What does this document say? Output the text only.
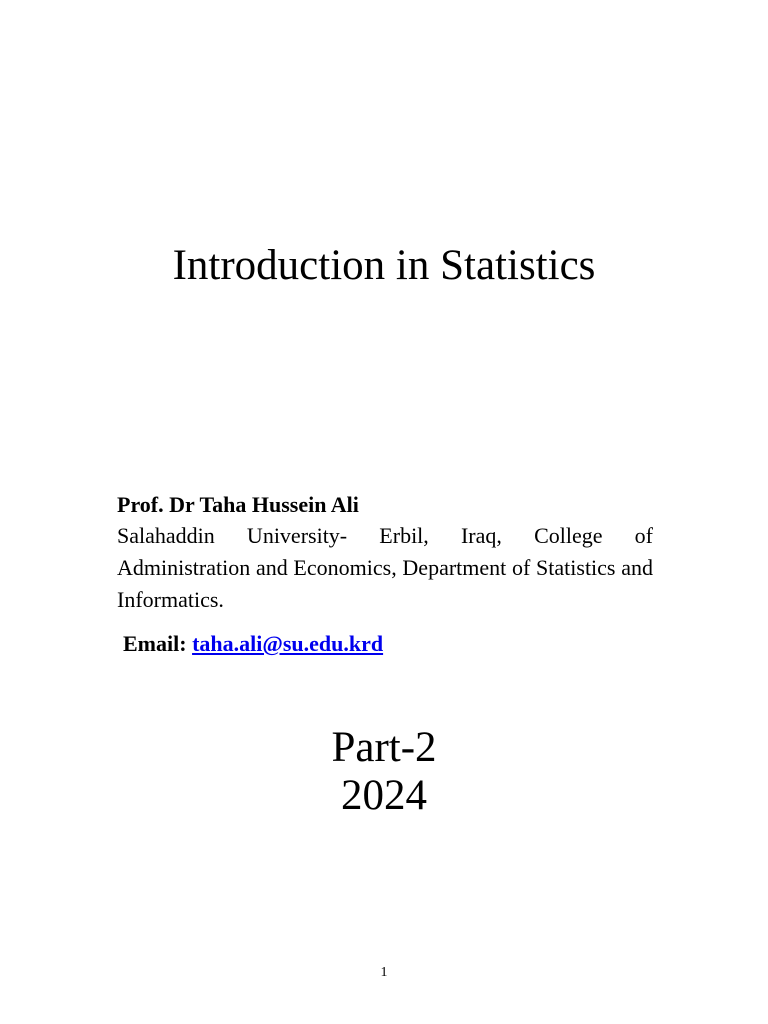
Introduction in Statistics

Prof. Dr Taha Hussein Ali

Salahaddin University- Erbil, Iraq, College of Administration and Economics, Department of Statistics and Informatics.

Email: taha.ali@su.edu.krd
Part-2
2024
1
